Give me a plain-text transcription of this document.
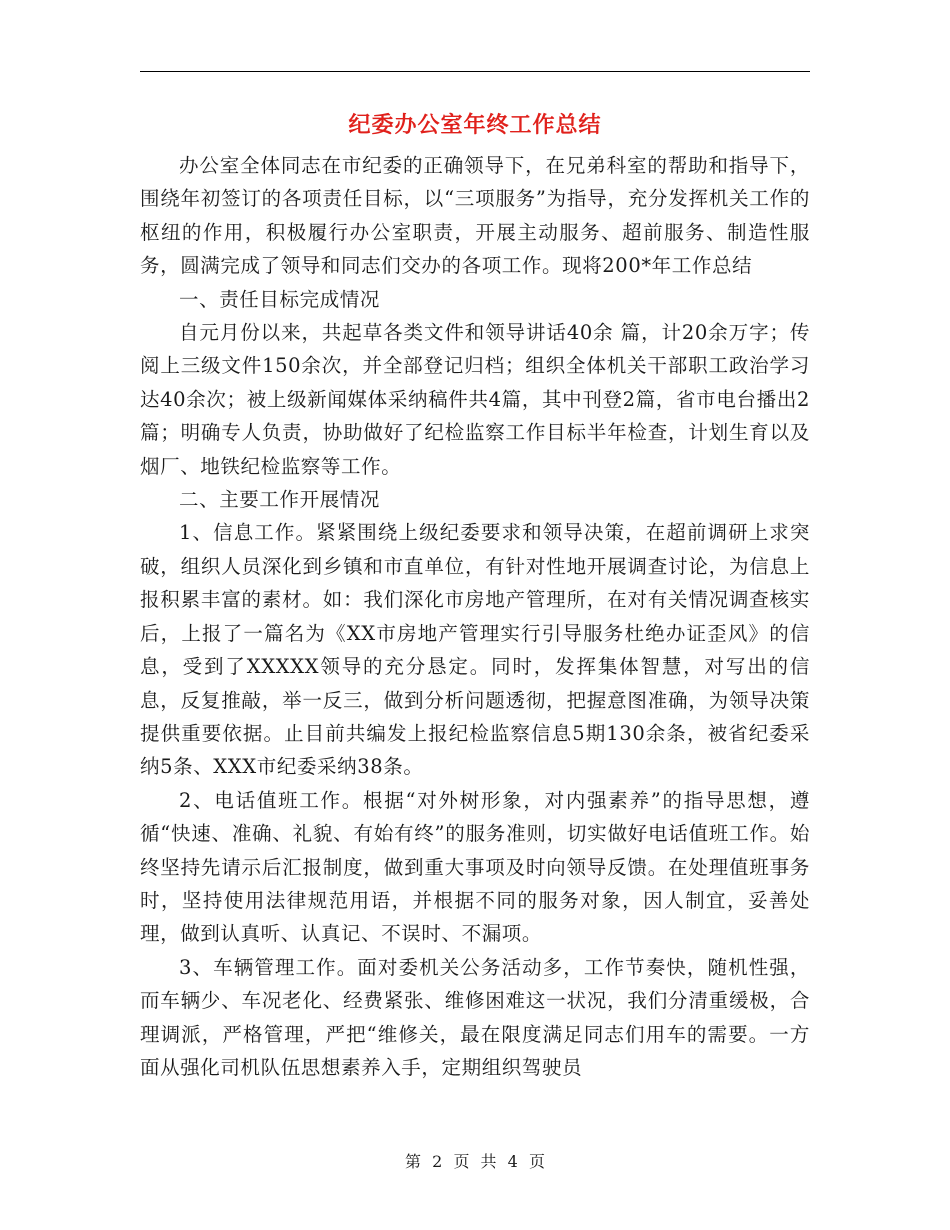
纪委办公室年终工作总结

办公室全体同志在市纪委的正确领导下，在兄弟科室的帮助和指导下，围绕年初签订的各项责任目标，以“三项服务”为指导，充分发挥机关工作的枢纽的作用，积极履行办公室职责，开展主动服务、超前服务、制造性服务，圆满完成了领导和同志们交办的各项工作。现将200*年工作总结

一、责任目标完成情况

自元月份以来，共起草各类文件和领导讲话40余 篇，计20余万字；传阅上三级文件150余次，并全部登记归档；组织全体机关干部职工政治学习达40余次；被上级新闻媒体采纳稿件共4篇，其中刊登2篇，省市电台播出2篇；明确专人负责，协助做好了纪检监察工作目标半年检查，计划生育以及烟厂、地铁纪检监察等工作。

二、主要工作开展情况

1、信息工作。紧紧围绕上级纪委要求和领导决策，在超前调研上求突破，组织人员深化到乡镇和市直单位，有针对性地开展调查讨论，为信息上报积累丰富的素材。如：我们深化市房地产管理所，在对有关情况调查核实后，上报了一篇名为《XX市房地产管理实行引导服务杜绝办证歪风》的信息，受到了XXXXX领导的充分恳定。同时，发挥集体智慧，对写出的信息，反复推敲，举一反三，做到分析问题透彻，把握意图准确，为领导决策提供重要依据。止目前共编发上报纪检监察信息5期130余条，被省纪委采纳5条、XXX市纪委采纳38条。

2、电话值班工作。根据“对外树形象，对内强素养”的指导思想，遵循“快速、准确、礼貌、有始有终”的服务准则，切实做好电话值班工作。始终坚持先请示后汇报制度，做到重大事项及时向领导反馈。在处理值班事务时，坚持使用法律规范用语，并根据不同的服务对象，因人制宜，妥善处理，做到认真听、认真记、不误时、不漏项。

3、车辆管理工作。面对委机关公务活动多，工作节奏快，随机性强，而车辆少、车况老化、经费紧张、维修困难这一状况，我们分清重缓极，合理调派，严格管理，严把“维修关，最在限度满足同志们用车的需要。一方面从强化司机队伍思想素养入手，定期组织驾驶员

第 2 页 共 4 页
